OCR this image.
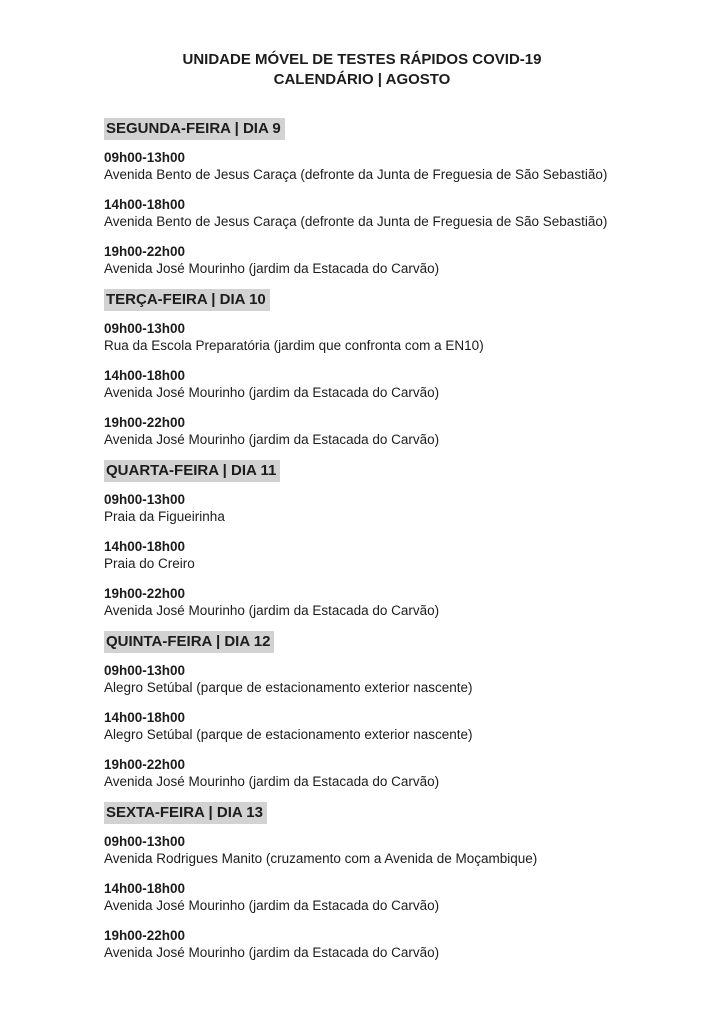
UNIDADE MÓVEL DE TESTES RÁPIDOS COVID-19
CALENDÁRIO | AGOSTO
SEGUNDA-FEIRA | DIA 9
09h00-13h00
Avenida Bento de Jesus Caraça (defronte da Junta de Freguesia de São Sebastião)
14h00-18h00
Avenida Bento de Jesus Caraça (defronte da Junta de Freguesia de São Sebastião)
19h00-22h00
Avenida José Mourinho (jardim da Estacada do Carvão)
TERÇA-FEIRA | DIA 10
09h00-13h00
Rua da Escola Preparatória (jardim que confronta com a EN10)
14h00-18h00
Avenida José Mourinho (jardim da Estacada do Carvão)
19h00-22h00
Avenida José Mourinho (jardim da Estacada do Carvão)
QUARTA-FEIRA | DIA 11
09h00-13h00
Praia da Figueirinha
14h00-18h00
Praia do Creiro
19h00-22h00
Avenida José Mourinho (jardim da Estacada do Carvão)
QUINTA-FEIRA | DIA 12
09h00-13h00
Alegro Setúbal (parque de estacionamento exterior nascente)
14h00-18h00
Alegro Setúbal (parque de estacionamento exterior nascente)
19h00-22h00
Avenida José Mourinho (jardim da Estacada do Carvão)
SEXTA-FEIRA | DIA 13
09h00-13h00
Avenida Rodrigues Manito (cruzamento com a Avenida de Moçambique)
14h00-18h00
Avenida José Mourinho (jardim da Estacada do Carvão)
19h00-22h00
Avenida José Mourinho (jardim da Estacada do Carvão)
